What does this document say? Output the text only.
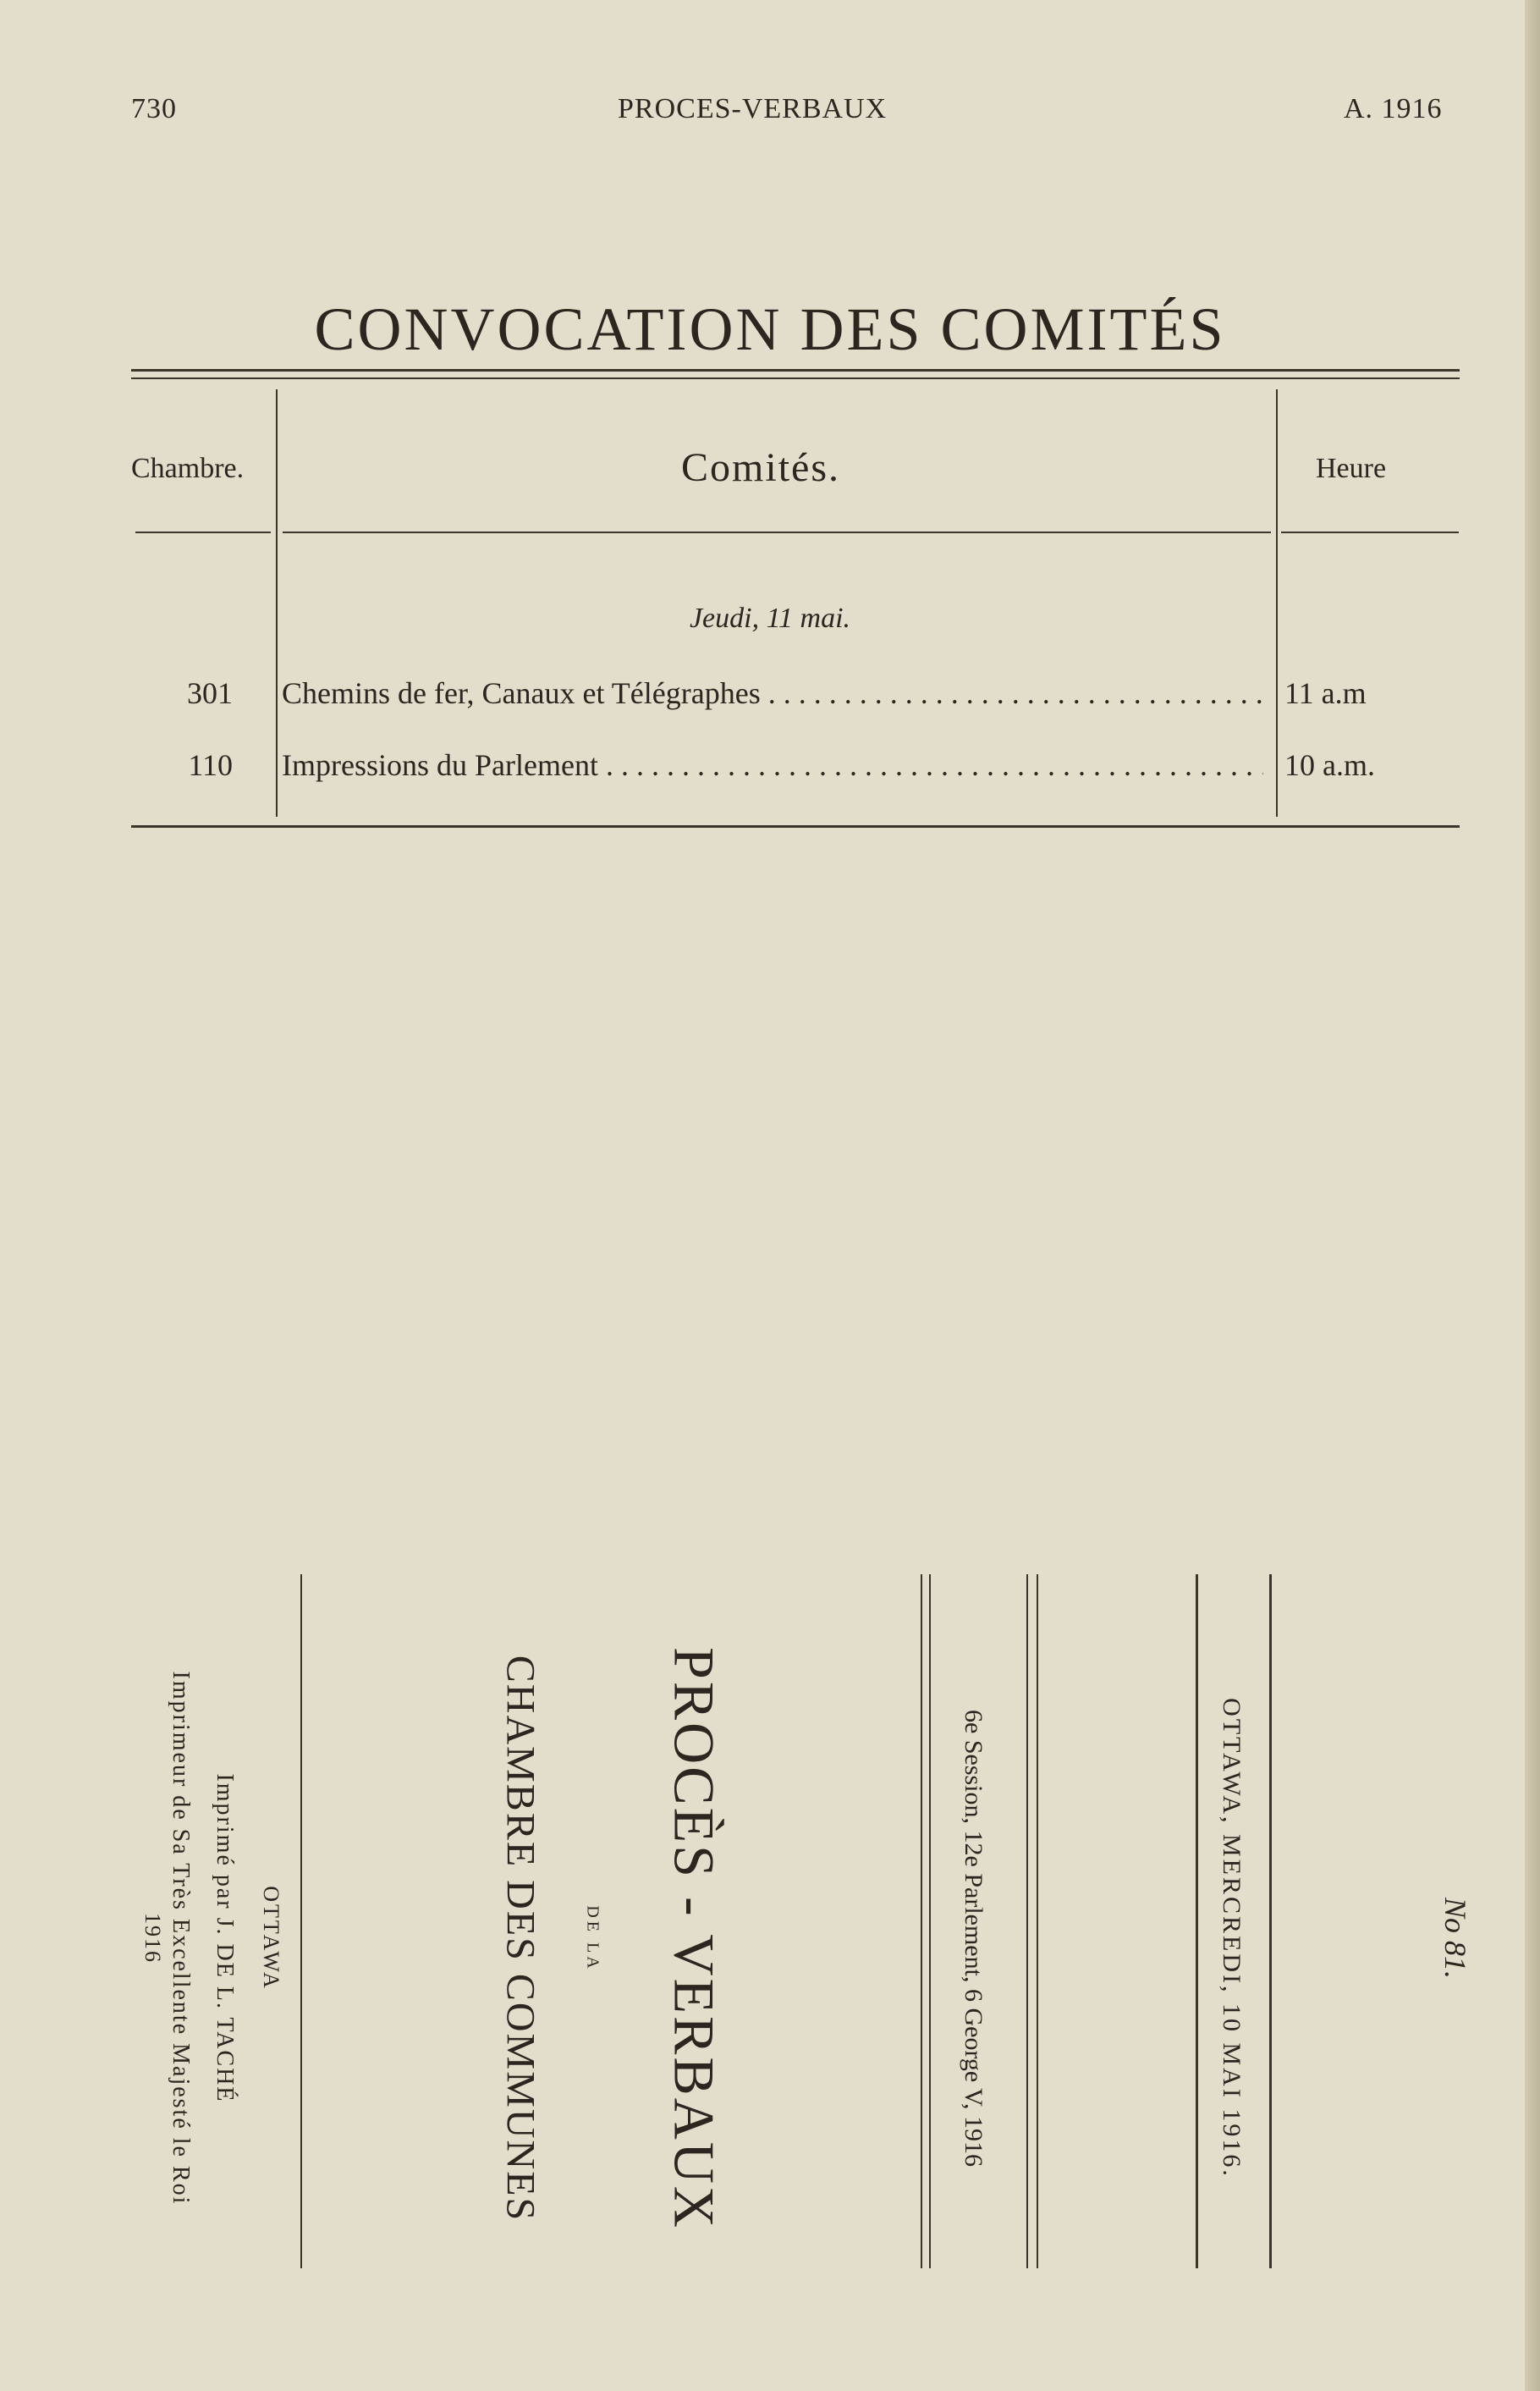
730	PROCES-VERBAUX	A. 1916
CONVOCATION DES COMITÉS
Chambre.	Comités.	Heure
Jeudi, 11 mai.
301 Chemins de fer, Canaux et Télégraphes . . .	11 a.m
110 Impressions du Parlement . . .	10 a.m.
No 81.
OTTAWA, MERCREDI, 10 MAI 1916.
6e Session, 12e Parlement, 6 George V, 1916
PROCÈS - VERBAUX
DE LA
CHAMBRE DES COMMUNES
OTTAWA
Imprimé par J. DE L. TACHÉ
Imprimeur de Sa Très Excellente Majesté le Roi
1916
